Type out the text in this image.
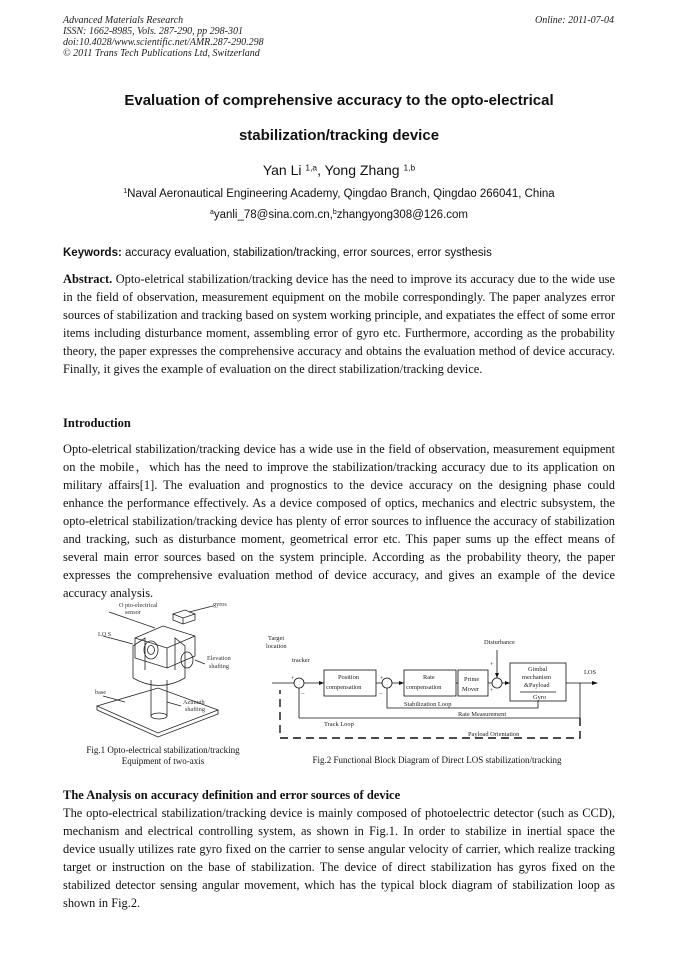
Advanced Materials Research
ISSN: 1662-8985, Vols. 287-290, pp 298-301
doi:10.4028/www.scientific.net/AMR.287-290.298
© 2011 Trans Tech Publications Ltd, Switzerland
Online: 2011-07-04
Evaluation of comprehensive accuracy to the opto-electrical
stabilization/tracking device
Yan Li $^{1,a}$, Yong Zhang $^{1,b}$
$^1$Naval Aeronautical Engineering Academy, Qingdao Branch, Qingdao 266041, China
$^a$yanli_78@sina.com.cn,$^b$zhangyong308@126.com
Keywords: accuracy evaluation, stabilization/tracking, error sources, error systhesis
Abstract. Opto-eletrical stabilization/tracking device has the need to improve its accuracy due to the wide use in the field of observation, measurement equipment on the mobile correspondingly. The paper analyzes error sources of stabilization and tracking based on system working principle, and expatiates the effect of some error items including disturbance moment, assembling error of gyro etc. Furthermore, according as the probability theory, the paper expresses the comprehensive accuracy and obtains the evaluation method of device accuracy. Finally, it gives the example of evaluation on the direct stabilization/tracking device.
Introduction
Opto-eletrical stabilization/tracking device has a wide use in the field of observation, measurement equipment on the mobile，which has the need to improve the stabilization/tracking accuracy due to its application on military affairs[1]. The evaluation and prognostics to the device accuracy on the designing phase could enhance the performance effectively. As a device composed of optics, mechanics and electric subsystem, the opto-eletrical stabilization/tracking device has plenty of error sources to influence the accuracy of stabilization and tracking, such as disturbance moment, geometrical error etc. This paper sums up the effect means of several main error sources based on the system principle. According as the probability theory, the paper expresses the comprehensive evaluation method of device accuracy, and gives an example of the device accuracy analysis.
O pto-electrical
sensor
gyros
LO S
Elevation
shafting
base
Azimuth
shafting
Fig.1 Opto-electrical stabilization/tracking
Equipment of two-axis
Target
location
tracker
Disturbance
Position
compensation
Rate
compensation
Prime
Mover
Gimbal
mechanism
&Payload
Gyro
LOS
Stabilization Loop
Rate Measurement
Track Loop
Payload Orientation
+	+
+
+
−	−
Fig.2 Functional Block Diagram of Direct LOS stabilization/tracking
The Analysis on accuracy definition and error sources of device
The opto-electrical stabilization/tracking device is mainly composed of photoelectric detector (such as CCD), mechanism and electrical controlling system, as shown in Fig.1. In order to stabilize in inertial space the device usually utilizes rate gyro fixed on the carrier to sense angular velocity of carrier, which realize tracking target or instruction on the base of stabilization. The device of direct stabilization has gyros fixed on the stabilized detector sensing angular movement, which has the typical block diagram of stabilization loop as shown in Fig.2.
